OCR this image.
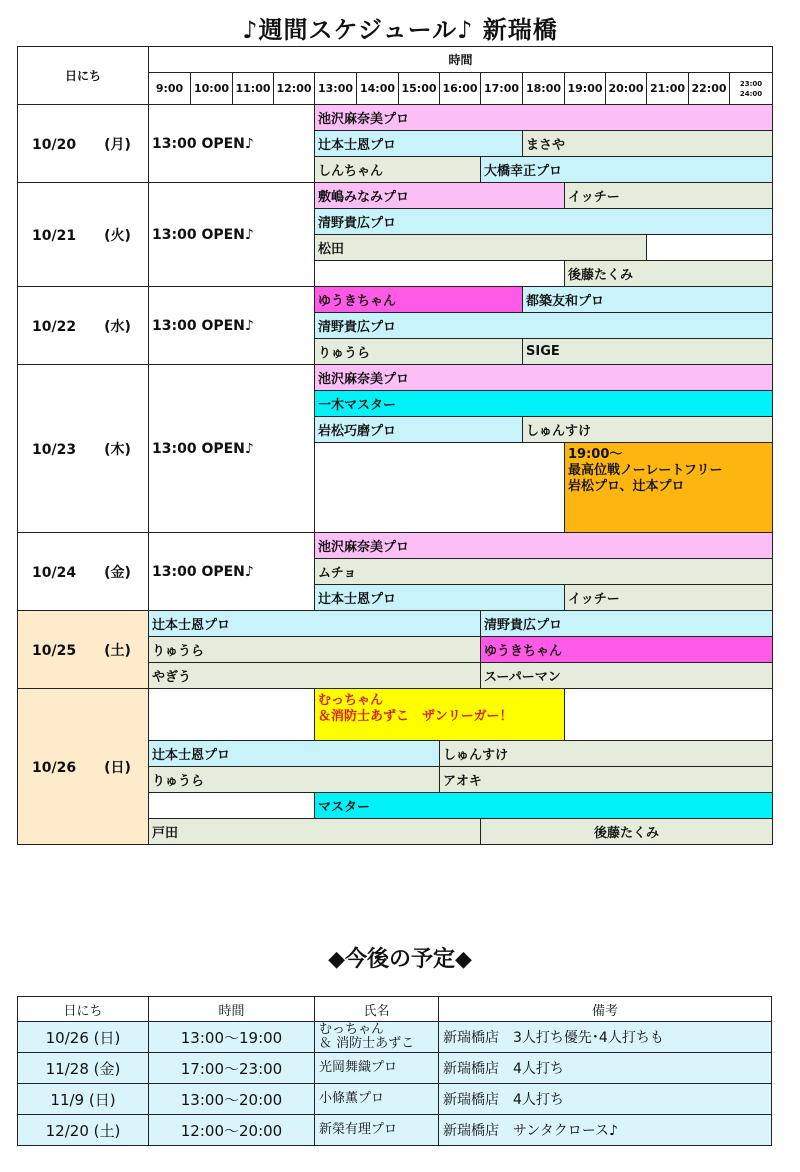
♪週間スケジュール♪ 新瑞橋
日にち	時間														
	9:00	10:00	11:00	12:00	13:00	14:00	15:00	16:00	17:00	18:00	19:00	20:00	21:00	22:00	23:00
24:00

10/20　　(月)	13:00 OPEN♪				池沢麻奈美プロ										
					辻本士恩プロ					まさや					
					しんちゃん				大橋幸正プロ						
10/21　　(火)	13:00 OPEN♪				敷嶋みなみプロ						イッチー				
					清野貴広プロ										
					松田										
											後藤たくみ				
10/22　　(水)	13:00 OPEN♪				ゆうきちゃん					都築友和プロ					
					清野貴広プロ										
					りゅうら					SIGE					
10/23　　(木)	13:00 OPEN♪				池沢麻奈美プロ										
					一木マスター										
					岩松巧磨プロ					しゅんすけ					
											19:00～
最高位戦ノーレートフリー
岩松プロ、辻本プロ				
10/24　　(金)	13:00 OPEN♪				池沢麻奈美プロ										
					ムチョ										
					辻本士恩プロ						イッチー				
10/25　　(土)	辻本士恩プロ								清野貴広プロ						
	りゅうら								ゆうきちゃん						
	やぎう								スーパーマン						
10/26　　(日)					むっちゃん
＆消防士あずこ　ザンリーガー！										
	辻本士恩プロ							しゅんすけ							
	りゅうら							アオキ							
					マスター										
	戸田								後藤たくみ						
◆今後の予定◆
日にち	時間	氏名	備考
10/26 (日)	13:00～19:00	むっちゃん
＆ 消防士あずこ	新瑞橋店　3人打ち優先･4人打ちも
11/28 (金)	17:00～23:00	光岡舞織プロ	新瑞橋店　4人打ち
11/9 (日)	13:00～20:00	小條薫プロ	新瑞橋店　4人打ち
12/20 (土)	12:00～20:00	新榮有理プロ	新瑞橋店　サンタクロース♪
